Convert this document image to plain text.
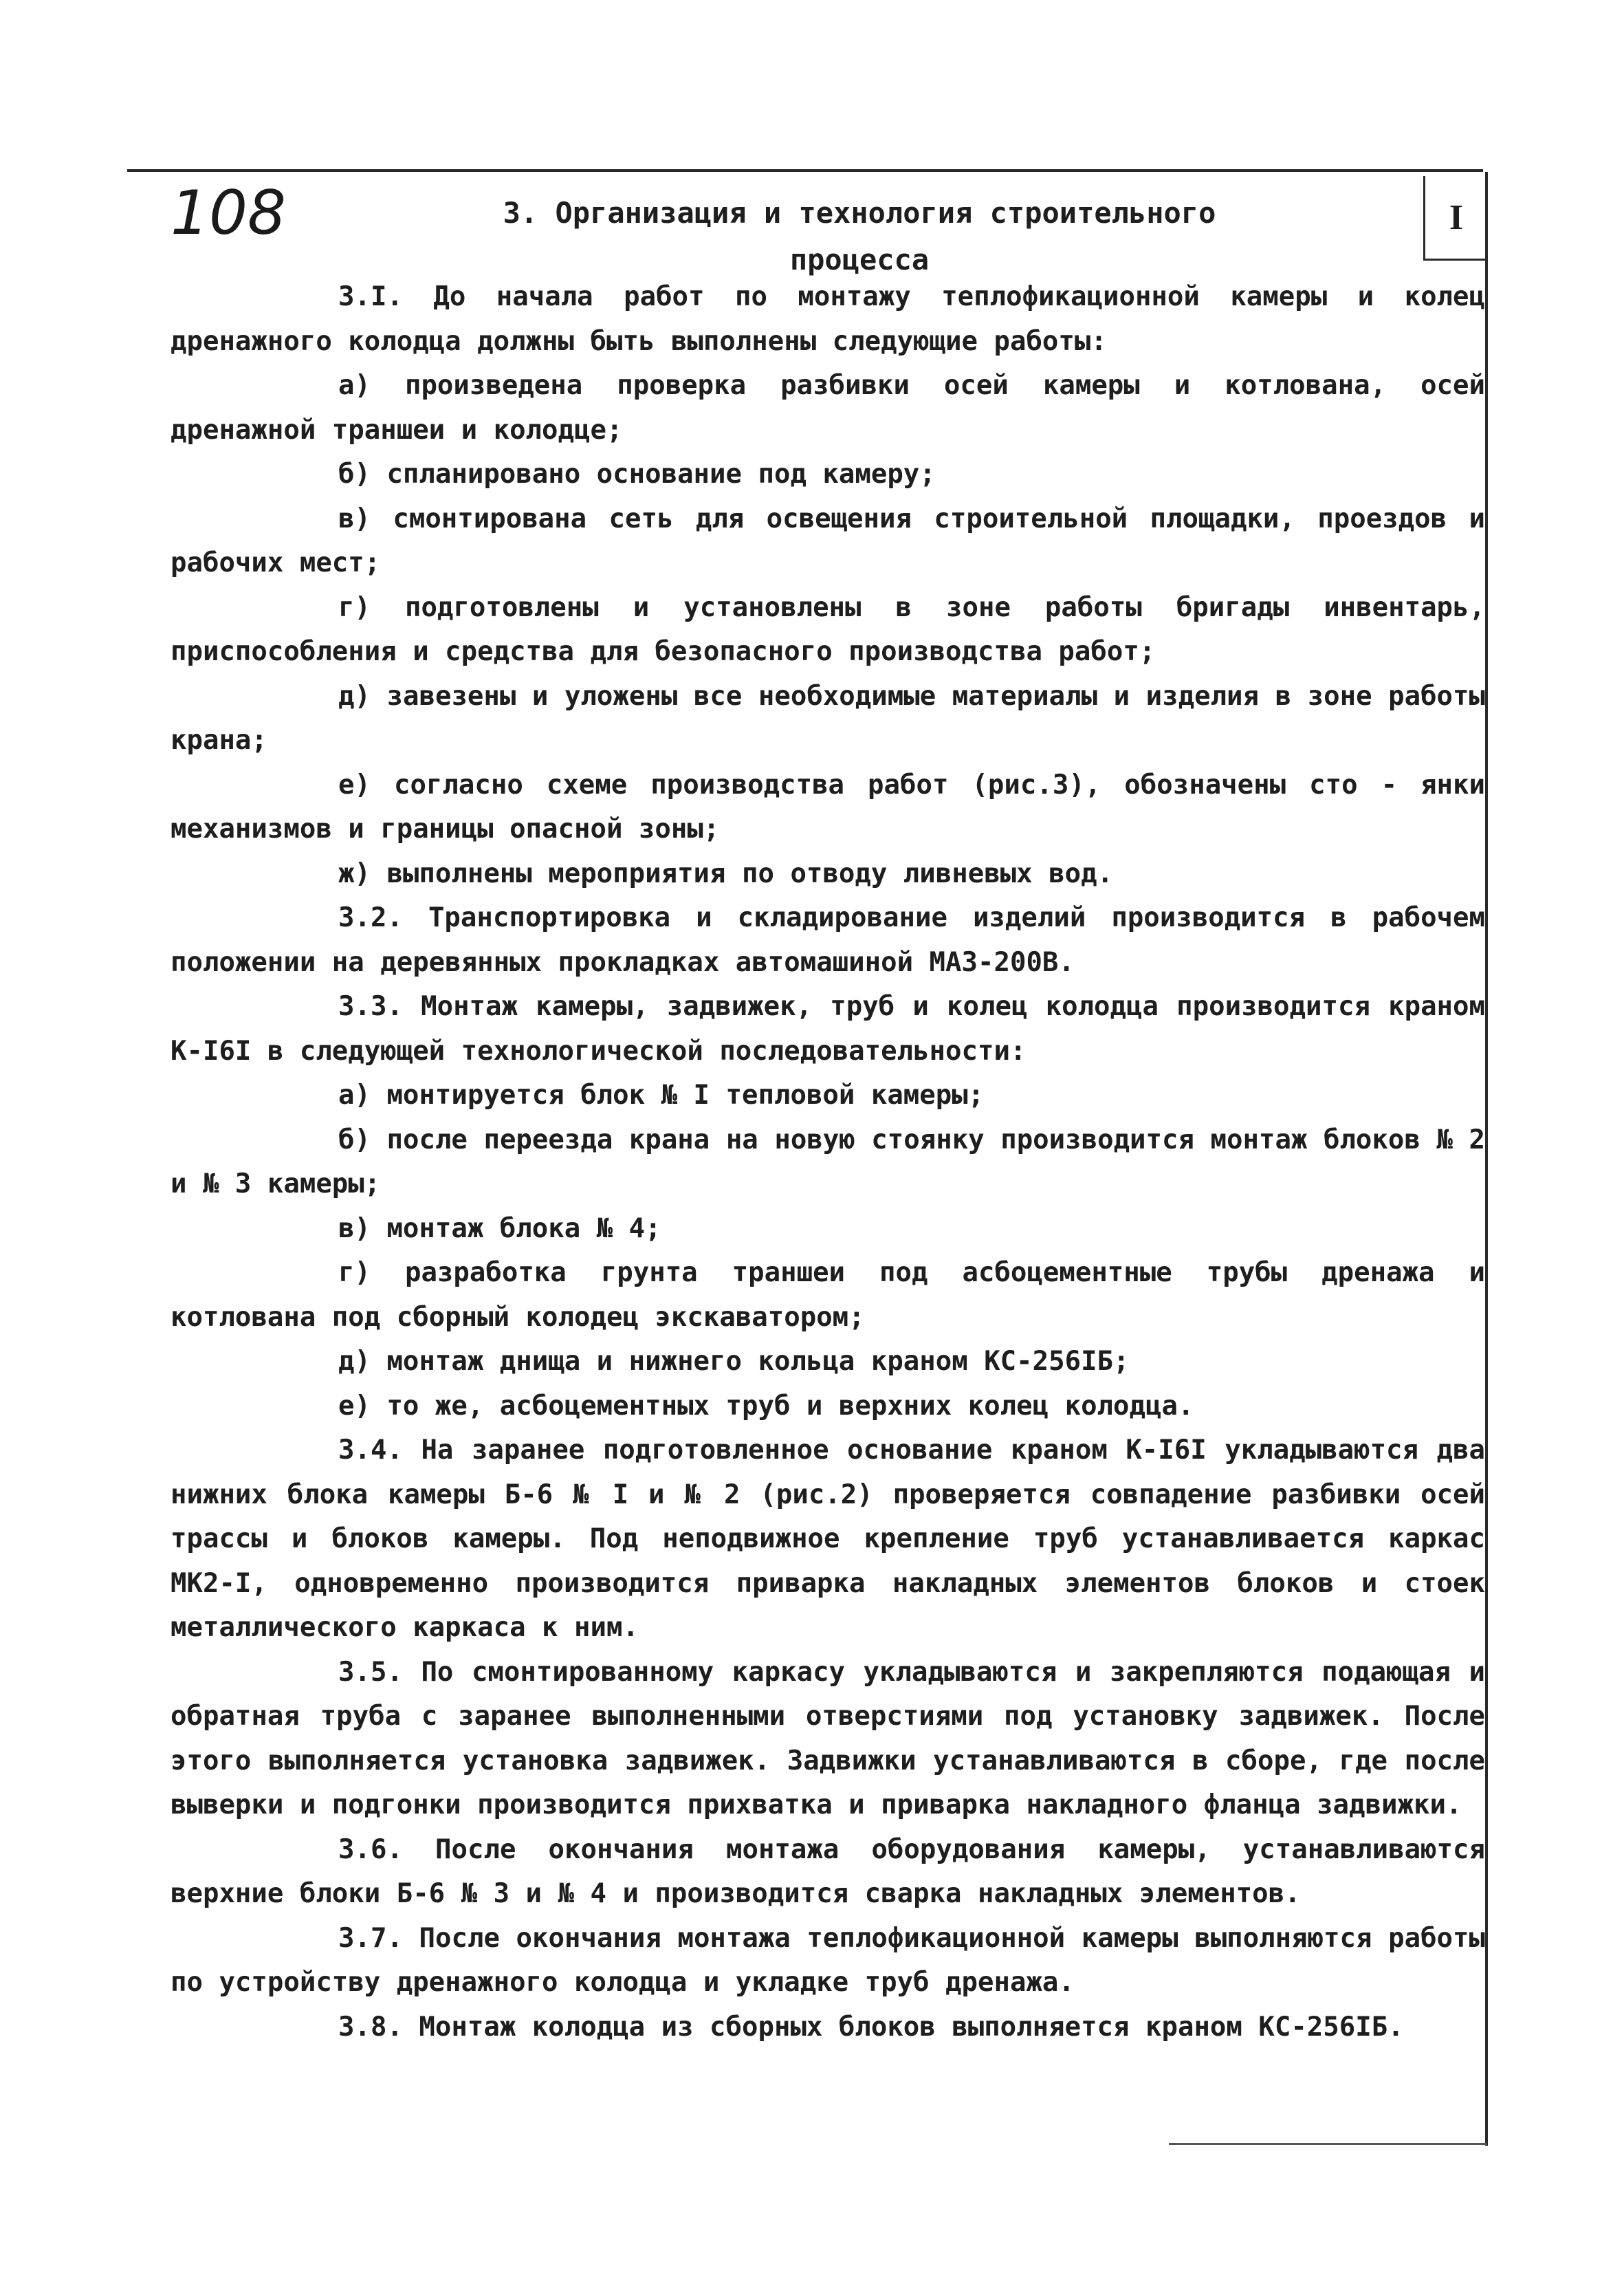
I
108	3. Организация и технология строительного
процесса

3.I. До начала работ по монтажу теплофикационной камеры и колец дренажного колодца должны быть выполнены следующие работы:

а) произведена проверка разбивки осей камеры и котлована, осей дренажной траншеи и колодце;

б) спланировано основание под камеру;

в) смонтирована сеть для освещения строительной площадки, проездов и рабочих мест;

г) подготовлены и установлены в зоне работы бригады инвентарь, приспособления и средства для безопасного производства работ;

д) завезены и уложены все необходимые материалы и изделия в зоне работы крана;

е) согласно схеме производства работ (рис.3), обозначены сто - янки механизмов и границы опасной зоны;

ж) выполнены мероприятия по отводу ливневых вод.

3.2. Транспортировка и складирование изделий производится в рабочем положении на деревянных прокладках автомашиной МАЗ-200В.

3.3. Монтаж камеры, задвижек, труб и колец колодца производится краном К-I6I в следующей технологической последовательности:

а) монтируется блок № I тепловой камеры;

б) после переезда крана на новую стоянку производится монтаж блоков № 2 и № 3 камеры;

в) монтаж блока № 4;

г) разработка грунта траншеи под асбоцементные трубы дренажа и котлована под сборный колодец экскаватором;

д) монтаж днища и нижнего кольца краном КС-256IБ;

е) то же, асбоцементных труб и верхних колец колодца.

3.4. На заранее подготовленное основание краном К-I6I укладываются два нижних блока камеры Б-6 № I и № 2 (рис.2) проверяется совпадение разбивки осей трассы и блоков камеры. Под неподвижное крепление труб устанавливается каркас МК2-I, одновременно производится приварка накладных элементов блоков и стоек металлического каркаса к ним.

3.5. По смонтированному каркасу укладываются и закрепляются подающая и обратная труба с заранее выполненными отверстиями под установку задвижек. После этого выполняется установка задвижек. Задвижки устанавливаются в сборе, где после выверки и подгонки производится прихватка и приварка накладного фланца задвижки.

3.6. После окончания монтажа оборудования камеры, устанавливаются верхние блоки Б-6 № 3 и № 4 и производится сварка накладных элементов.

3.7. После окончания монтажа теплофикационной камеры выполняются работы по устройству дренажного колодца и укладке труб дренажа.

3.8. Монтаж колодца из сборных блоков выполняется краном КС-256IБ.
